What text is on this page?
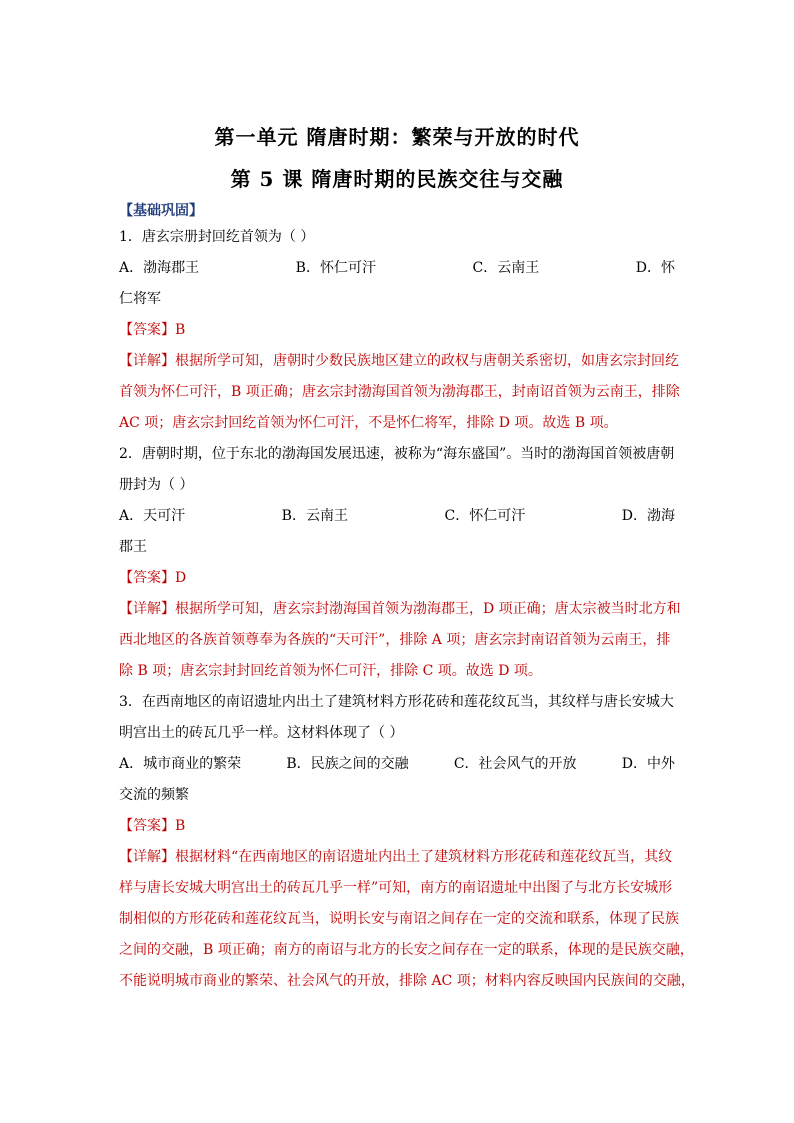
第一单元 隋唐时期：繁荣与开放的时代
第 5 课 隋唐时期的民族交往与交融
【基础巩固】
1．唐玄宗册封回纥首领为（ ）
A．渤海郡王	B．怀仁可汗	C．云南王	D．怀
仁将军
【答案】B
【详解】根据所学可知，唐朝时少数民族地区建立的政权与唐朝关系密切，如唐玄宗封回纥
首领为怀仁可汗，B 项正确；唐玄宗封渤海国首领为渤海郡王，封南诏首领为云南王，排除
AC 项；唐玄宗封回纥首领为怀仁可汗，不是怀仁将军，排除 D 项。故选 B 项。
2．唐朝时期，位于东北的渤海国发展迅速，被称为“海东盛国”。当时的渤海国首领被唐朝
册封为（ ）
A．天可汗	B．云南王	C．怀仁可汗	D．渤海
郡王
【答案】D
【详解】根据所学可知，唐玄宗封渤海国首领为渤海郡王，D 项正确；唐太宗被当时北方和
西北地区的各族首领尊奉为各族的“天可汗”，排除 A 项；唐玄宗封南诏首领为云南王，排
除 B 项；唐玄宗封封回纥首领为怀仁可汗，排除 C 项。故选 D 项。
3．在西南地区的南诏遗址内出土了建筑材料方形花砖和莲花纹瓦当，其纹样与唐长安城大
明宫出土的砖瓦几乎一样。这材料体现了（ ）
A．城市商业的繁荣	B．民族之间的交融	C．社会风气的开放	D．中外
交流的频繁
【答案】B
【详解】根据材料“在西南地区的南诏遗址内出土了建筑材料方形花砖和莲花纹瓦当，其纹
样与唐长安城大明宫出土的砖瓦几乎一样”可知，南方的南诏遗址中出图了与北方长安城形
制相似的方形花砖和莲花纹瓦当，说明长安与南诏之间存在一定的交流和联系，体现了民族
之间的交融，B 项正确；南方的南诏与北方的长安之间存在一定的联系，体现的是民族交融，
不能说明城市商业的繁荣、社会风气的开放，排除 AC 项；材料内容反映国内民族间的交融，
